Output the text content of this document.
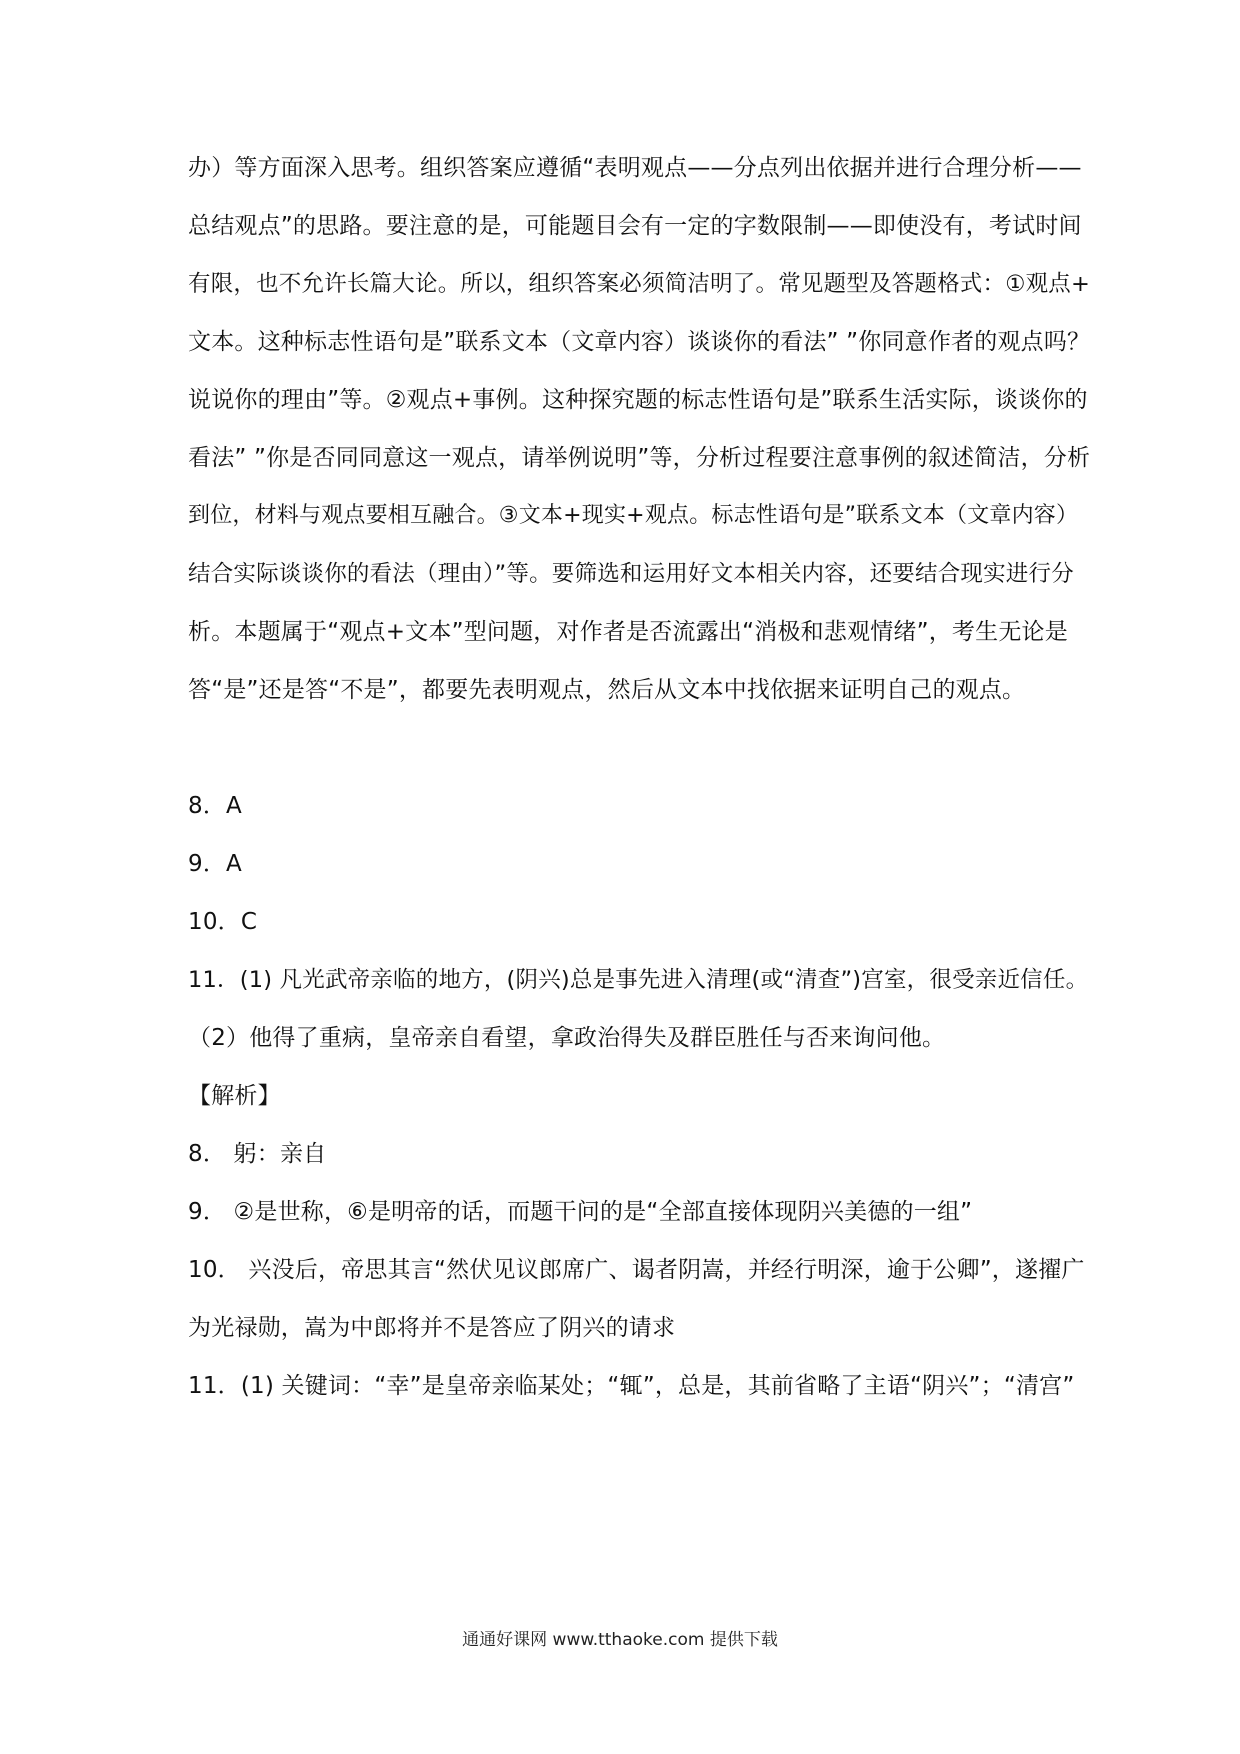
办）等方面深入思考。组织答案应遵循“表明观点——分点列出依据并进行合理分析——

总结观点”的思路。要注意的是，可能题目会有一定的字数限制——即使没有，考试时间

有限，也不允许长篇大论。所以，组织答案必须简洁明了。常见题型及答题格式：①观点+

文本。这种标志性语句是”联系文本（文章内容）谈谈你的看法” ”你同意作者的观点吗？

说说你的理由”等。②观点+事例。这种探究题的标志性语句是”联系生活实际，谈谈你的

看法” ”你是否同同意这一观点，请举例说明”等，分析过程要注意事例的叙述简洁，分析

到位，材料与观点要相互融合。③文本+现实+观点。标志性语句是”联系文本（文章内容）

结合实际谈谈你的看法（理由）”等。要筛选和运用好文本相关内容，还要结合现实进行分

析。本题属于“观点+文本”型问题，对作者是否流露出“消极和悲观情绪”，考生无论是

答“是”还是答“不是”，都要先表明观点，然后从文本中找依据来证明自己的观点。

8．A

9．A

10．C

11．(1) 凡光武帝亲临的地方，(阴兴)总是事先进入清理(或“清查”)宫室，很受亲近信任。

（2）他得了重病，皇帝亲自看望，拿政治得失及群臣胜任与否来询问他。

【解析】

8． 躬：亲自

9． ②是世称，⑥是明帝的话，而题干问的是“全部直接体现阴兴美德的一组”

10． 兴没后，帝思其言“然伏见议郎席广、谒者阴嵩，并经行明深，逾于公卿”，遂擢广

为光禄勋，嵩为中郎将并不是答应了阴兴的请求

11．(1) 关键词：“幸”是皇帝亲临某处；“辄”，总是，其前省略了主语“阴兴”；“清宫”

通通好课网 www.tthaoke.com 提供下载
